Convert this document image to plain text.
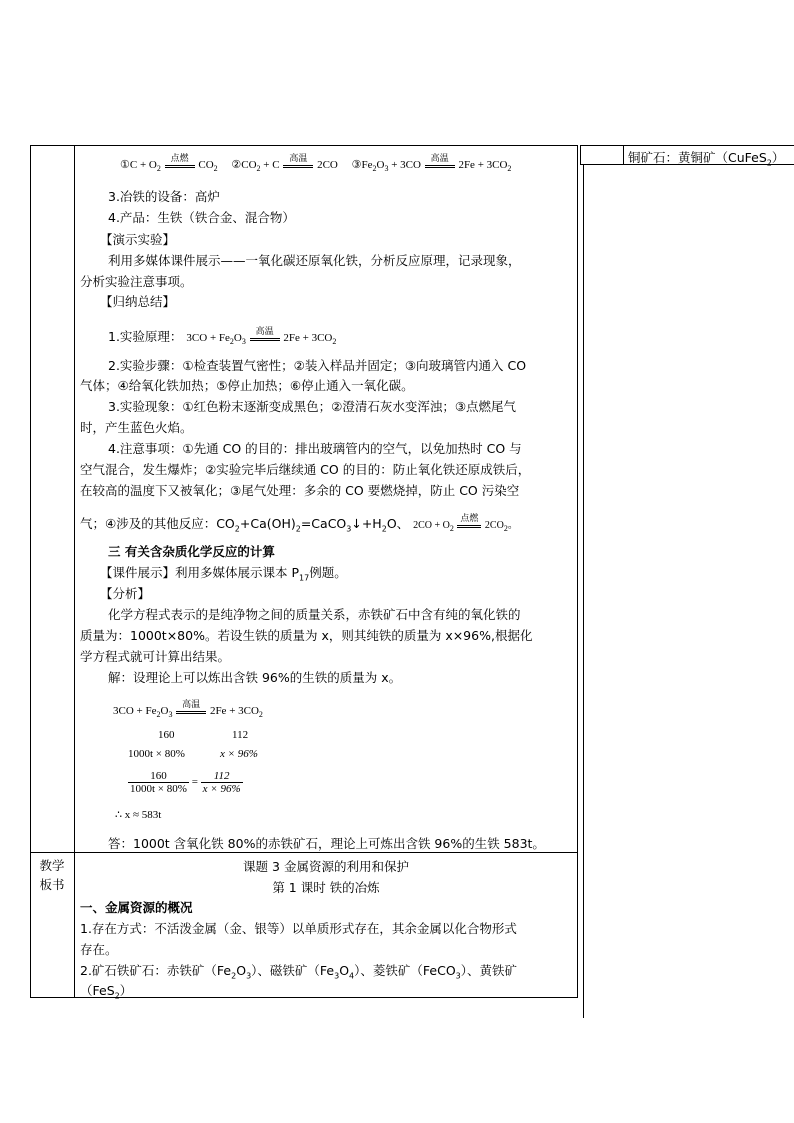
铜矿石：黄铜矿（CuFeS$_2$）
①C + $O_2$
点燃 $CO_2$ $②CO_2 + C$	高温 2CO $③Fe_2O_3 + 3CO$	高温 $2Fe + 3CO_2$
3.冶铁的设备：高炉
4.产品：生铁（铁合金、混合物）
【演示实验】
利用多媒体课件展示——一氧化碳还原氧化铁，分析反应原理，记录现象，
分析实验注意事项。
【归纳总结】
1.实验原理： $3CO + Fe_2O_3$
高温 $2Fe + 3CO_2$
2.实验步骤：①检查装置气密性；②装入样品并固定；③向玻璃管内通入 CO
气体；④给氧化铁加热；⑤停止加热；⑥停止通入一氧化碳。
3.实验现象：①红色粉末逐渐变成黑色；②澄清石灰水变浑浊；③点燃尾气
时，产生蓝色火焰。
4.注意事项：①先通 CO 的目的：排出玻璃管内的空气，以免加热时 CO 与
空气混合，发生爆炸；②实验完毕后继续通 CO 的目的：防止氧化铁还原成铁后，
在较高的温度下又被氧化；③尾气处理：多余的 CO 要燃烧掉，防止 CO 污染空
气；④涉及的其他反应：$CO_2+Ca(OH)_2=CaCO_3↓+H_2O$、 $2CO + O_2$
点燃
$2CO_2$。
三 有关含杂质化学反应的计算
【课件展示】利用多媒体展示课本 $P_{17}$例题。
【分析】
化学方程式表示的是纯净物之间的质量关系，赤铁矿石中含有纯的氧化铁的
质量为：1000t×80%。若设生铁的质量为 x，则其纯铁的质量为 x×96%,根据化
学方程式就可计算出结果。
解：设理论上可以炼出含铁 96%的生铁的质量为 x。
$3CO + Fe_2O_3$
高温 $2Fe + 3CO_2$
160	112
1000t × 80%	x × 96%
$\frac{160}{1000t \times 80\%} = \frac{112}{x \times 96\%}$
∴ x ≈ 583t
答：1000t 含氧化铁 80%的赤铁矿石，理论上可炼出含铁 96%的生铁 583t。
教学
板书
课题 3 金属资源的利用和保护
第 1 课时 铁的冶炼
一、金属资源的概况
1.存在方式：不活泼金属（金、银等）以单质形式存在，其余金属以化合物形式
存在。
2.矿石铁矿石：赤铁矿$(Fe_2O_3)$、磁铁矿$(Fe_3O_4)$、菱铁矿（FeCO$_3$）、黄铁矿
（FeS$_2$）
